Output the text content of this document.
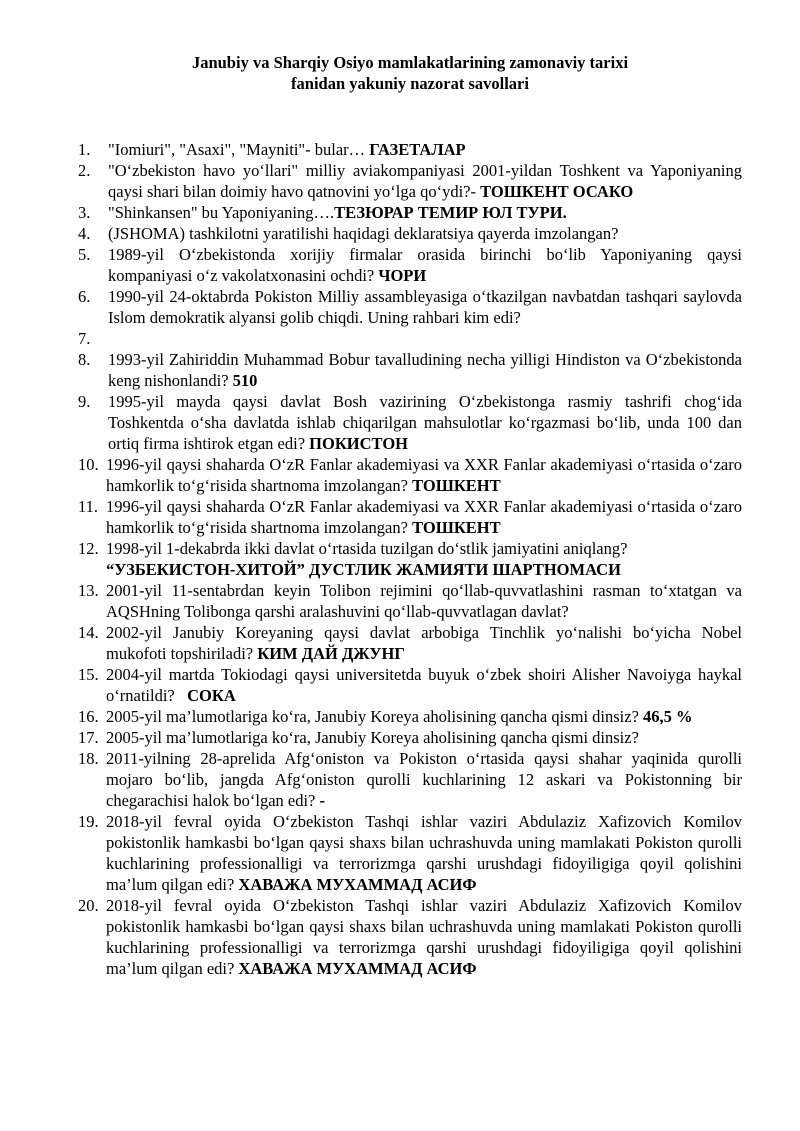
Janubiy va Sharqiy Osiyo mamlakatlarining zamonaviy tarixi
fanidan yakuniy nazorat savollari
1.	"Iomiuri", "Asaxi", "Mayniti"- bular… ГАЗЕТАЛАР
2.	"O‘zbekiston havo yo‘llari" milliy aviakompaniyasi 2001-yildan Toshkent va Yaponiyaning qaysi shari bilan doimiy havo qatnovini yo‘lga qo‘ydi?- ТОШКЕНТ ОСАКО
3.	"Shinkansen" bu Yaponiyaning….ТЕЗЮРАР ТЕМИР ЮЛ ТУРИ.
4.	(JSHOMA) tashkilotni yaratilishi haqidagi deklaratsiya qayerda imzolangan?
5.	1989-yil O‘zbekistonda xorijiy firmalar orasida birinchi bo‘lib Yaponiyaning qaysi kompaniyasi o‘z vakolatxonasini ochdi? ЧОРИ
6.	1990-yil 24-oktabrda Pokiston Milliy assambleyasiga o‘tkazilgan navbatdan tashqari saylovda Islom demokratik alyansi golib chiqdi. Uning rahbari kim edi?
7.

8.	1993-yil Zahiriddin Muhammad Bobur tavalludining necha yilligi Hindiston va O‘zbekistonda keng nishonlandi? 510
9.	1995-yil mayda qaysi davlat Bosh vazirining O‘zbekistonga rasmiy tashrifi chog‘ida Toshkentda o‘sha davlatda ishlab chiqarilgan mahsulotlar ko‘rgazmasi bo‘lib, unda 100 dan ortiq firma ishtirok etgan edi? ПОКИСТОН
10. 1996-yil qaysi shaharda O‘zR Fanlar akademiyasi va XXR Fanlar akademiyasi o‘rtasida o‘zaro hamkorlik to‘g‘risida shartnoma imzolangan? ТОШКЕНТ
11. 1996-yil qaysi shaharda O‘zR Fanlar akademiyasi va XXR Fanlar akademiyasi o‘rtasida o‘zaro hamkorlik to‘g‘risida shartnoma imzolangan? ТОШКЕНТ
12. 1998-yil 1-dekabrda ikki davlat o‘rtasida tuzilgan do‘stlik jamiyatini aniqlang?
“УЗБЕКИСТОН-ХИТОЙ” ДУСТЛИК ЖАМИЯТИ ШАРТНОМАСИ
13. 2001-yil 11-sentabrdan keyin Tolibon rejimini qo‘llab-quvvatlashini rasman to‘xtatgan va AQSHning Tolibonga qarshi aralashuvini qo‘llab-quvvatlagan davlat?
14. 2002-yil Janubiy Koreyaning qaysi davlat arbobiga Tinchlik yo‘nalishi bo‘yicha Nobel mukofoti topshiriladi? КИМ ДАЙ ДЖУНГ
15. 2004-yil martda Tokiodagi qaysi universitetda buyuk o‘zbek shoiri Alisher Navoiyga haykal o‘rnatildi? СОКА
16. 2005-yil ma’lumotlariga ko‘ra, Janubiy Koreya aholisining qancha qismi dinsiz? 46,5 %
17. 2005-yil ma’lumotlariga ko‘ra, Janubiy Koreya aholisining qancha qismi dinsiz?
18. 2011-yilning 28-aprelida Afg‘oniston va Pokiston o‘rtasida qaysi shahar yaqinida qurolli mojaro bo‘lib, jangda Afg‘oniston qurolli kuchlarining 12 askari va Pokistonning bir chegarachisi halok bo‘lgan edi? -
19. 2018-yil fevral oyida O‘zbekiston Tashqi ishlar vaziri Abdulaziz Xafizovich Komilov pokistonlik hamkasbi bo‘lgan qaysi shaxs bilan uchrashuvda uning mamlakati Pokiston qurolli kuchlarining professionalligi va terrorizmga qarshi urushdagi fidoyiligiga qoyil qolishini ma’lum qilgan edi? ХАВАЖА МУХАММАД АСИФ
20. 2018-yil fevral oyida O‘zbekiston Tashqi ishlar vaziri Abdulaziz Xafizovich Komilov pokistonlik hamkasbi bo‘lgan qaysi shaxs bilan uchrashuvda uning mamlakati Pokiston qurolli kuchlarining professionalligi va terrorizmga qarshi urushdagi fidoyiligiga qoyil qolishini ma’lum qilgan edi? ХАВАЖА МУХАММАД АСИФ
